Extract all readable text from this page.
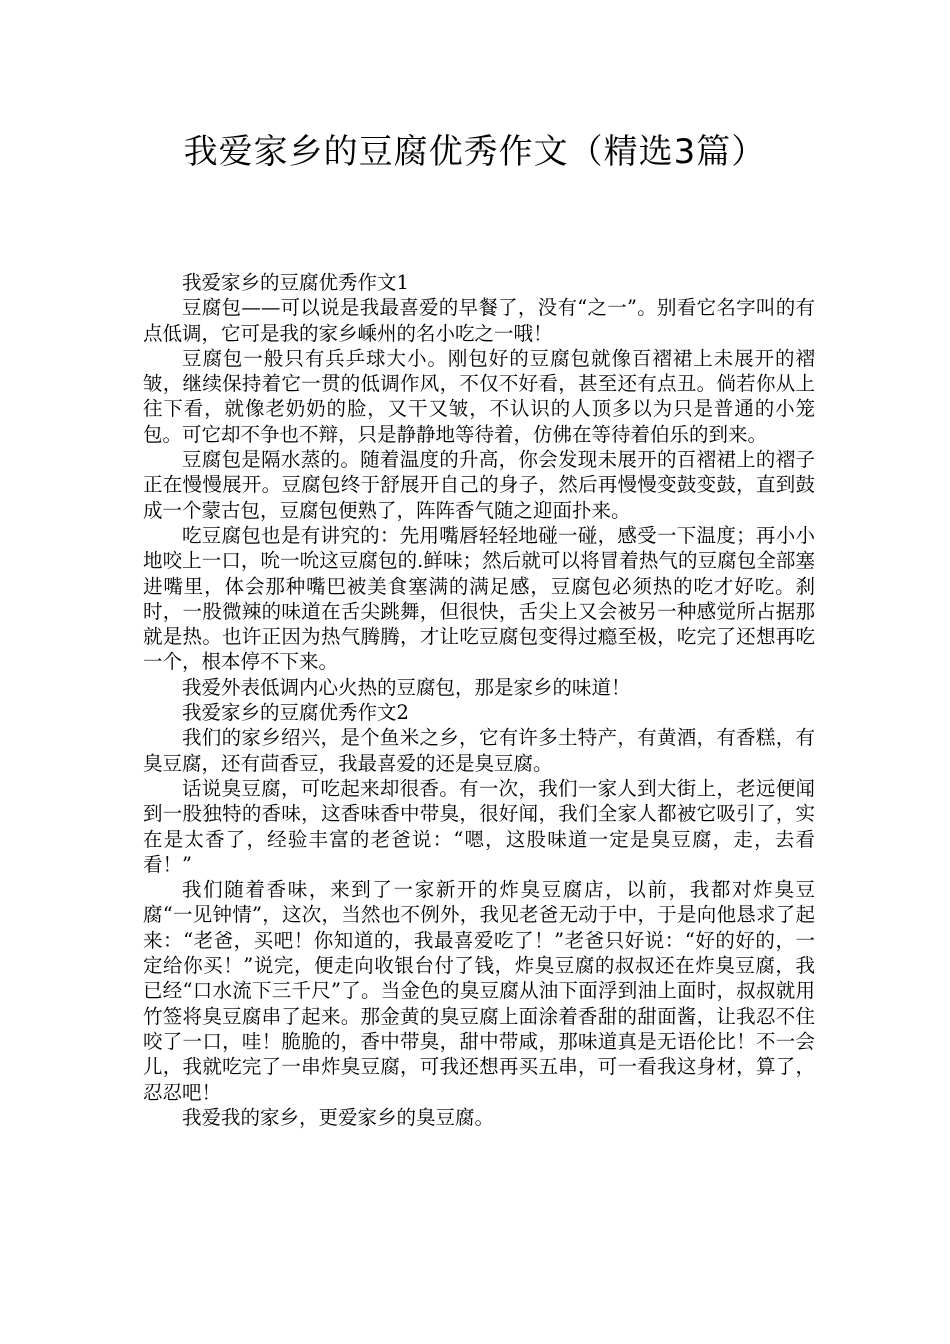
我爱家乡的豆腐优秀作文（精选3篇）

我爱家乡的豆腐优秀作文1

豆腐包——可以说是我最喜爱的早餐了，没有“之一”。别看它名字叫的有点低调，它可是我的家乡嵊州的名小吃之一哦！

豆腐包一般只有兵乒球大小。刚包好的豆腐包就像百褶裙上未展开的褶皱，继续保持着它一贯的低调作风，不仅不好看，甚至还有点丑。倘若你从上往下看，就像老奶奶的脸，又干又皱，不认识的人顶多以为只是普通的小笼包。可它却不争也不辩，只是静静地等待着，仿佛在等待着伯乐的到来。

豆腐包是隔水蒸的。随着温度的升高，你会发现未展开的百褶裙上的褶子正在慢慢展开。豆腐包终于舒展开自己的身子，然后再慢慢变鼓变鼓，直到鼓成一个蒙古包，豆腐包便熟了，阵阵香气随之迎面扑来。

吃豆腐包也是有讲究的：先用嘴唇轻轻地碰一碰，感受一下温度；再小小地咬上一口，吮一吮这豆腐包的.鲜味；然后就可以将冒着热气的豆腐包全部塞进嘴里，体会那种嘴巴被美食塞满的满足感，豆腐包必须热的吃才好吃。刹时，一股微辣的味道在舌尖跳舞，但很快，舌尖上又会被另一种感觉所占据那就是热。也许正因为热气腾腾，才让吃豆腐包变得过瘾至极，吃完了还想再吃一个，根本停不下来。

我爱外表低调内心火热的豆腐包，那是家乡的味道！

我爱家乡的豆腐优秀作文2

我们的家乡绍兴，是个鱼米之乡，它有许多土特产，有黄酒，有香糕，有臭豆腐，还有茴香豆，我最喜爱的还是臭豆腐。

话说臭豆腐，可吃起来却很香。有一次，我们一家人到大街上，老远便闻到一股独特的香味，这香味香中带臭，很好闻，我们全家人都被它吸引了，实在是太香了，经验丰富的老爸说：“嗯，这股味道一定是臭豆腐，走，去看看！”

我们随着香味，来到了一家新开的炸臭豆腐店，以前，我都对炸臭豆腐“一见钟情”，这次，当然也不例外，我见老爸无动于中，于是向他恳求了起来：“老爸，买吧！你知道的，我最喜爱吃了！”老爸只好说：“好的好的，一定给你买！”说完，便走向收银台付了钱，炸臭豆腐的叔叔还在炸臭豆腐，我已经“口水流下三千尺”了。当金色的臭豆腐从油下面浮到油上面时，叔叔就用竹签将臭豆腐串了起来。那金黄的臭豆腐上面涂着香甜的甜面酱，让我忍不住咬了一口，哇！脆脆的，香中带臭，甜中带咸，那味道真是无语伦比！不一会儿，我就吃完了一串炸臭豆腐，可我还想再买五串，可一看我这身材，算了，忍忍吧！

我爱我的家乡，更爱家乡的臭豆腐。
